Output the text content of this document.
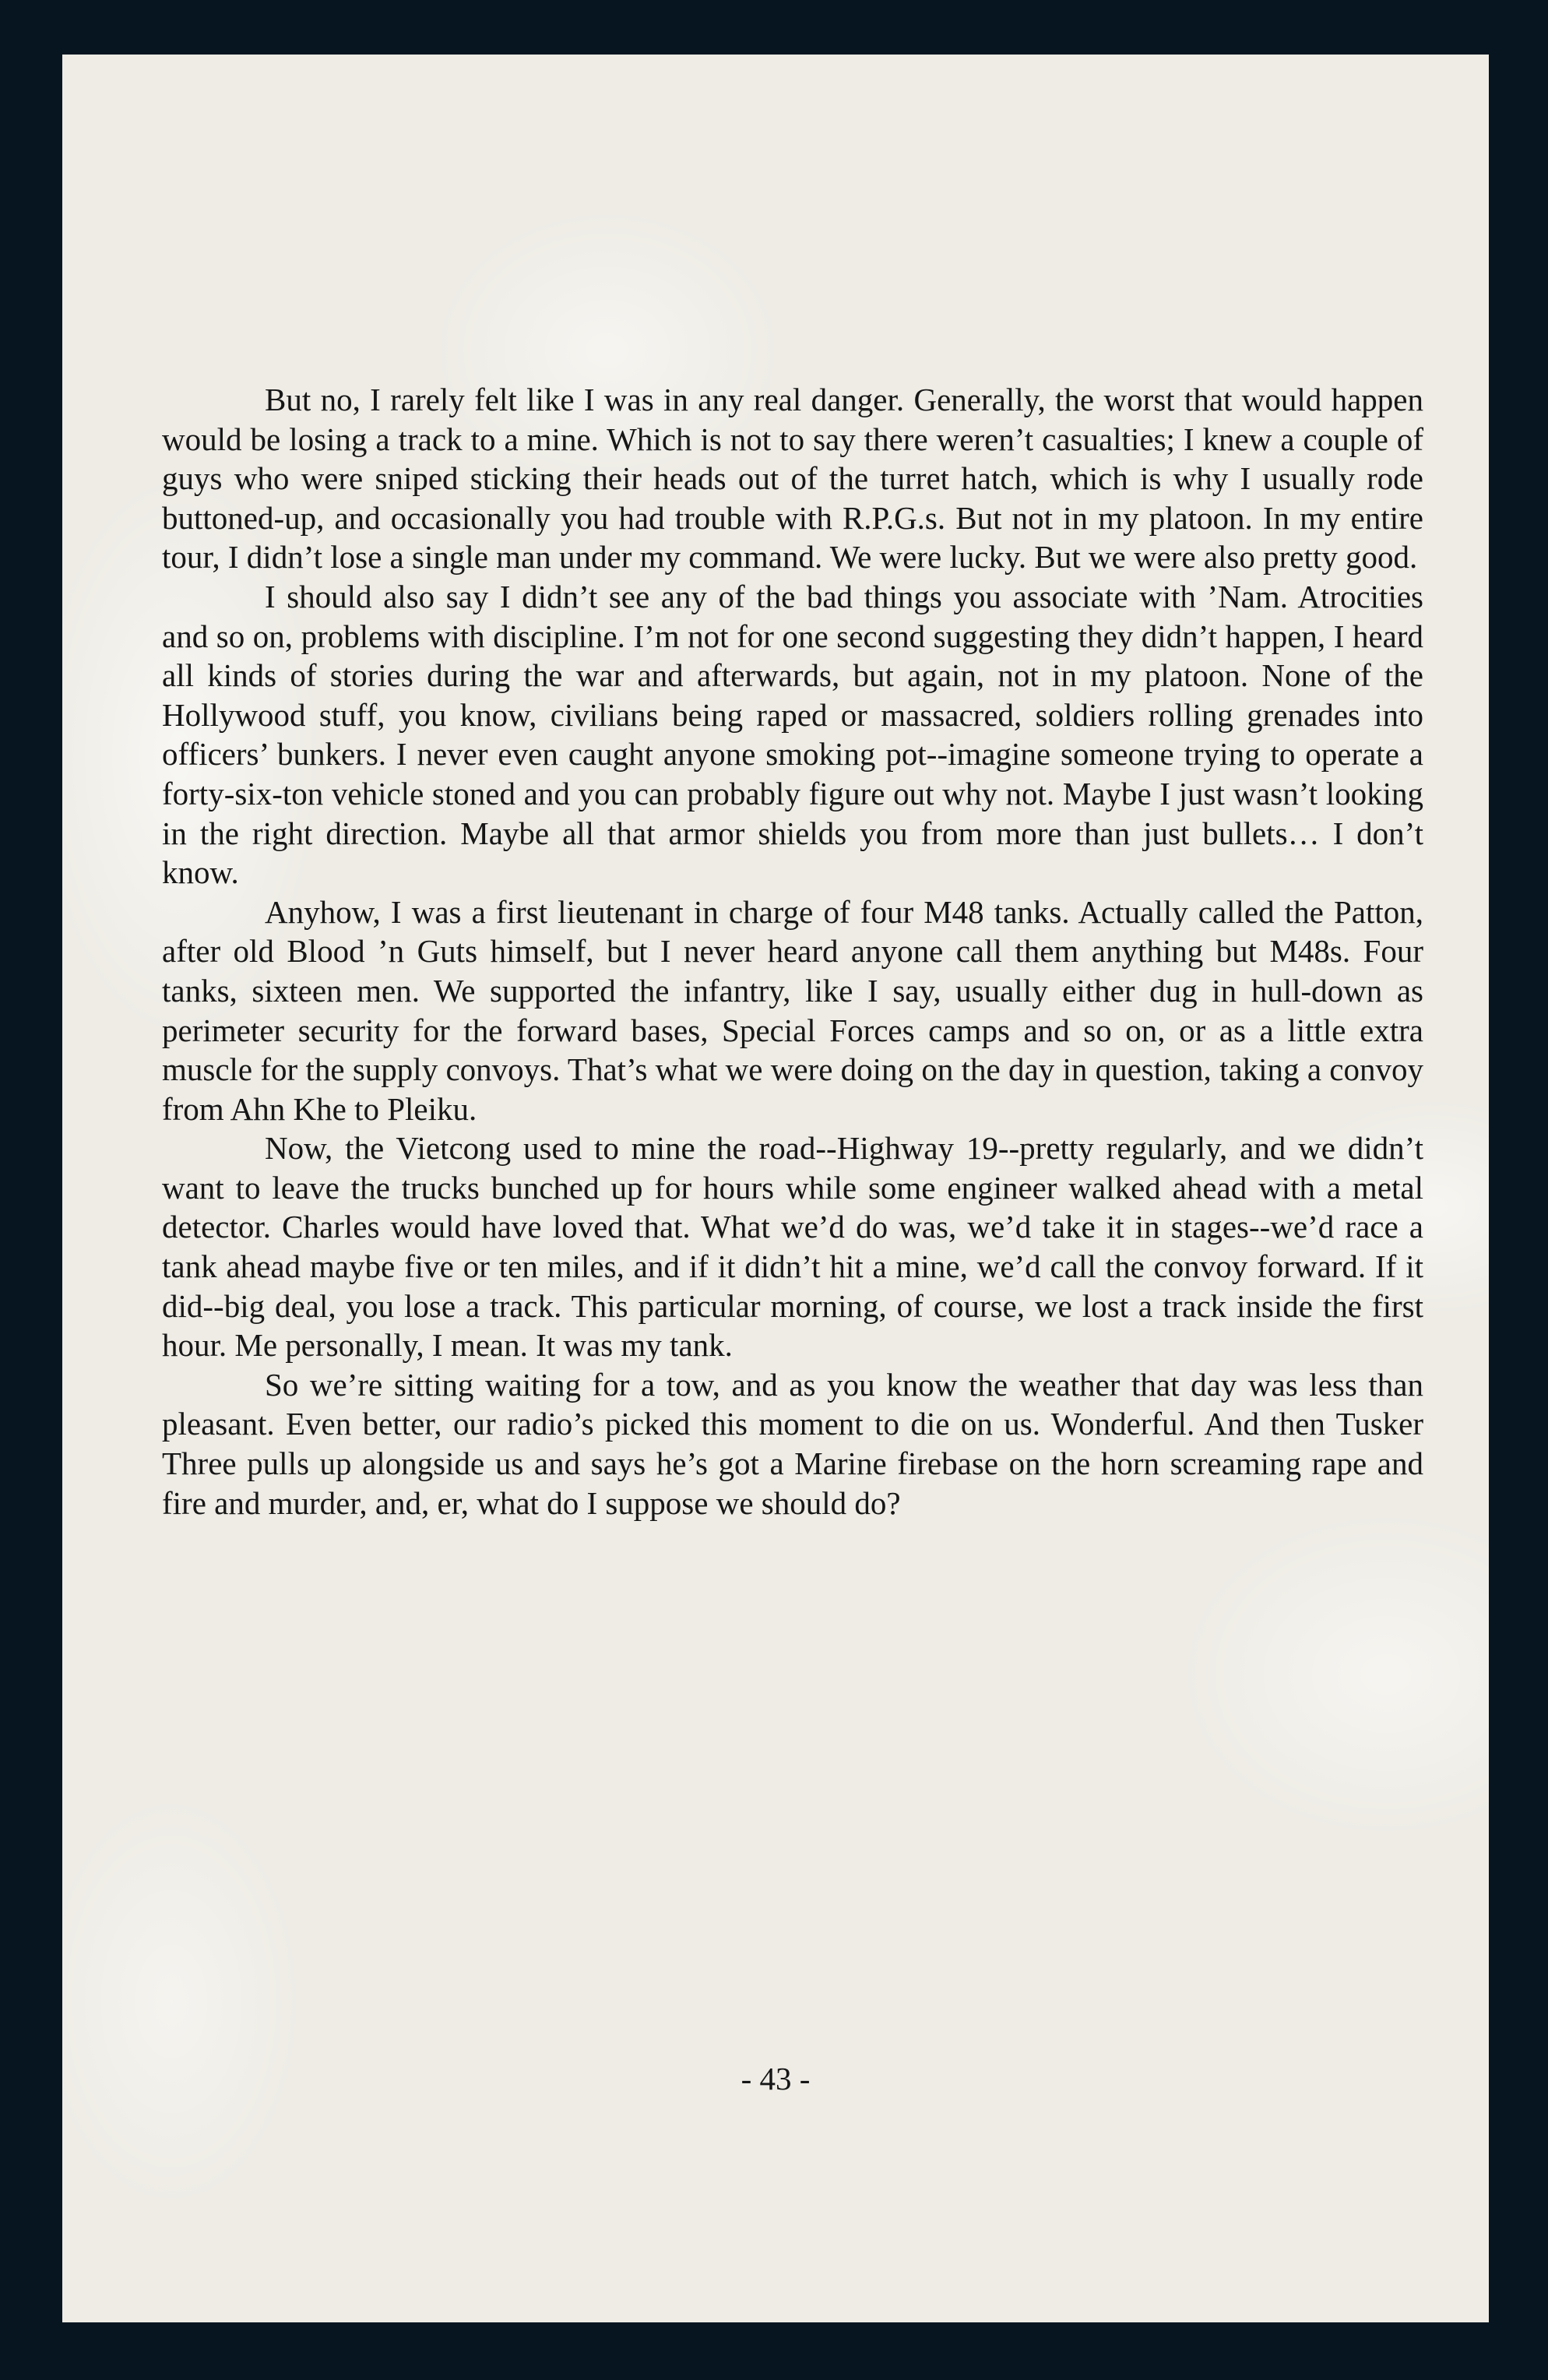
But no, I rarely felt like I was in any real danger. Generally, the worst that would happen would be losing a track to a mine. Which is not to say there weren’t casualties; I knew a couple of guys who were sniped sticking their heads out of the turret hatch, which is why I usually rode buttoned-up, and occasionally you had trouble with R.P.G.s. But not in my platoon. In my entire tour, I didn’t lose a single man under my command. We were lucky. But we were also pretty good.

I should also say I didn’t see any of the bad things you associate with ’Nam. Atrocities and so on, problems with discipline. I’m not for one second suggesting they didn’t happen, I heard all kinds of stories during the war and afterwards, but again, not in my platoon. None of the Hollywood stuff, you know, civilians being raped or massacred, soldiers rolling grenades into officers’ bunkers. I never even caught anyone smoking pot--imagine someone trying to operate a forty-six-ton vehicle stoned and you can probably figure out why not. Maybe I just wasn’t looking in the right direction. Maybe all that armor shields you from more than just bullets… I don’t know.

Anyhow, I was a first lieutenant in charge of four M48 tanks. Actually called the Patton, after old Blood ’n Guts himself, but I never heard anyone call them anything but M48s. Four tanks, sixteen men. We supported the infantry, like I say, usually either dug in hull-down as perimeter security for the forward bases, Special Forces camps and so on, or as a little extra muscle for the supply convoys. That’s what we were doing on the day in question, taking a convoy from Ahn Khe to Pleiku.

Now, the Vietcong used to mine the road--Highway 19--pretty regularly, and we didn’t want to leave the trucks bunched up for hours while some engineer walked ahead with a metal detector. Charles would have loved that. What we’d do was, we’d take it in stages--we’d race a tank ahead maybe five or ten miles, and if it didn’t hit a mine, we’d call the convoy forward. If it did--big deal, you lose a track. This particular morning, of course, we lost a track inside the first hour. Me personally, I mean. It was my tank.

So we’re sitting waiting for a tow, and as you know the weather that day was less than pleasant. Even better, our radio’s picked this moment to die on us. Wonderful. And then Tusker Three pulls up alongside us and says he’s got a Marine firebase on the horn screaming rape and fire and murder, and, er, what do I suppose we should do?

- 43 -
